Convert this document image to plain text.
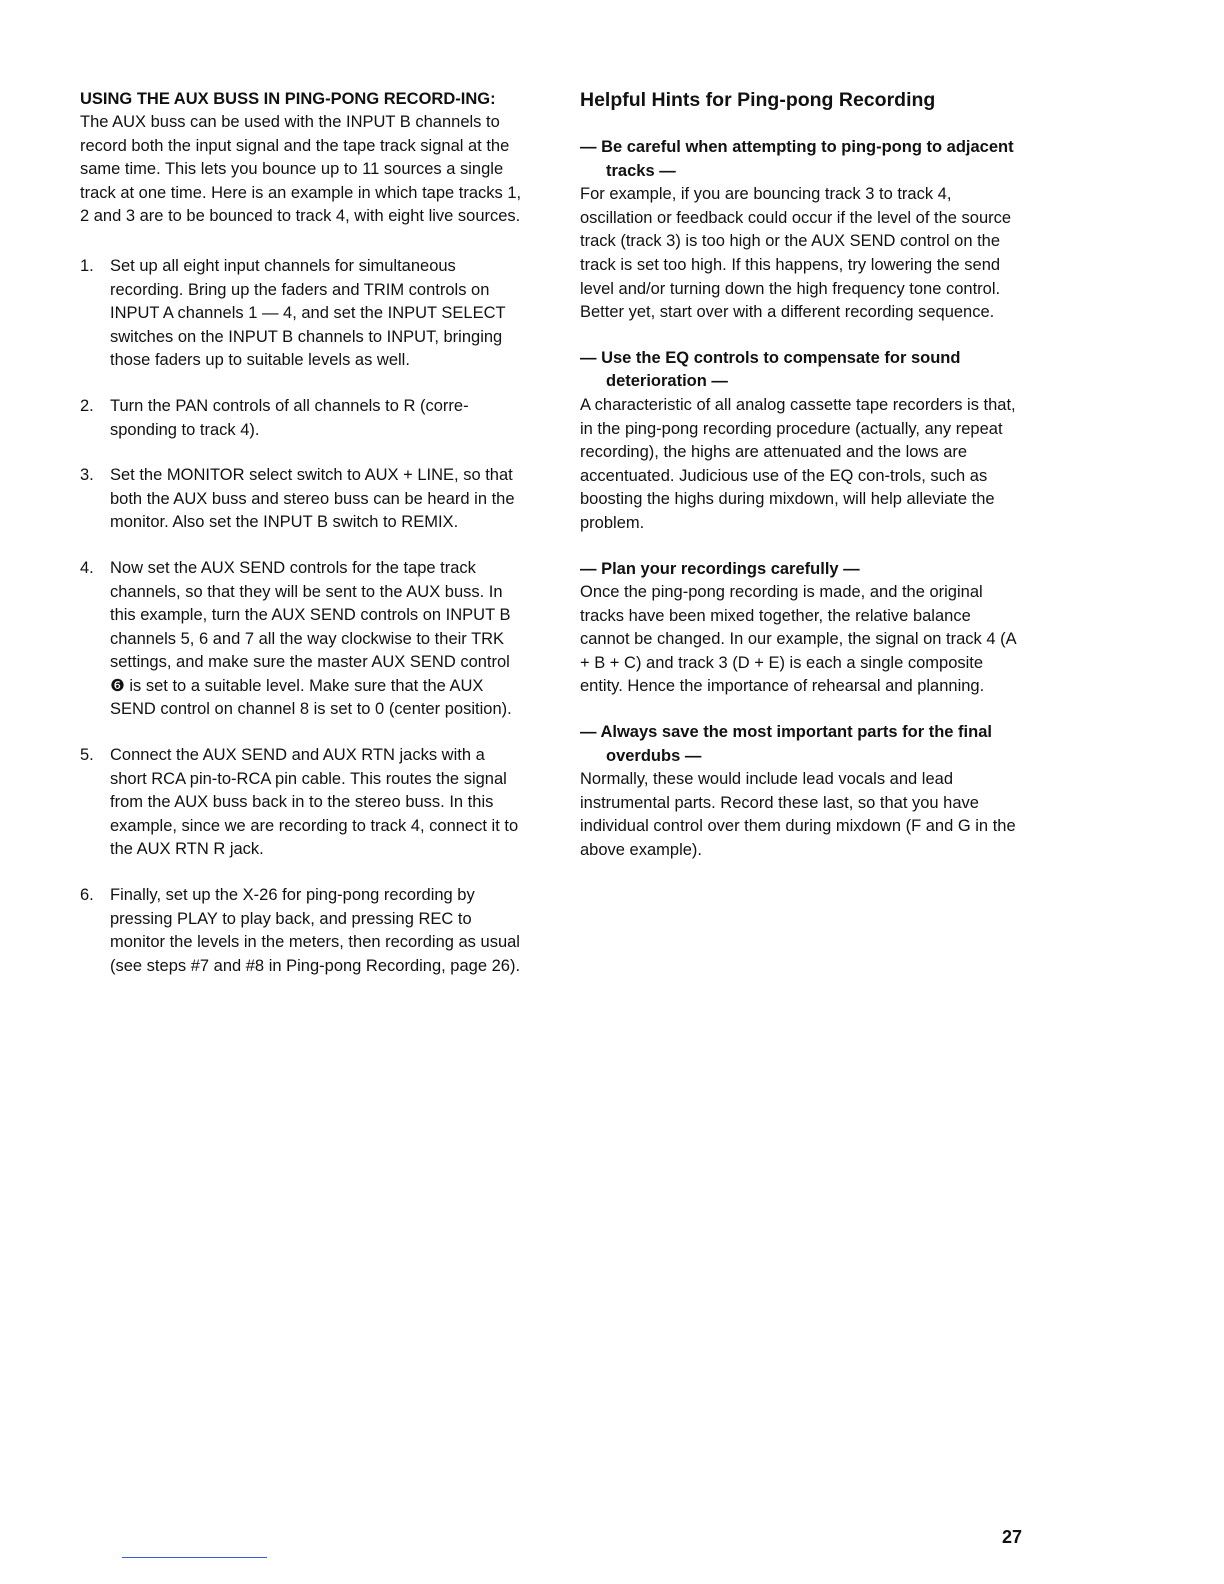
USING THE AUX BUSS IN PING-PONG RECORD-ING:

The AUX buss can be used with the INPUT B channels to record both the input signal and the tape track signal at the same time. This lets you bounce up to 11 sources a single track at one time. Here is an example in which tape tracks 1, 2 and 3 are to be bounced to track 4, with eight live sources.

1. Set up all eight input channels for simultaneous recording. Bring up the faders and TRIM controls on INPUT A channels 1 — 4, and set the INPUT SELECT switches on the INPUT B channels to INPUT, bringing those faders up to suitable levels as well.
2. Turn the PAN controls of all channels to R (corre-sponding to track 4).
3. Set the MONITOR select switch to AUX + LINE, so that both the AUX buss and stereo buss can be heard in the monitor. Also set the INPUT B switch to REMIX.
4. Now set the AUX SEND controls for the tape track channels, so that they will be sent to the AUX buss. In this example, turn the AUX SEND controls on INPUT B channels 5, 6 and 7 all the way clockwise to their TRK settings, and make sure the master AUX SEND control ❻ is set to a suitable level. Make sure that the AUX SEND control on channel 8 is set to 0 (center position).
5. Connect the AUX SEND and AUX RTN jacks with a short RCA pin-to-RCA pin cable. This routes the signal from the AUX buss back in to the stereo buss. In this example, since we are recording to track 4, connect it to the AUX RTN R jack.
6. Finally, set up the X-26 for ping-pong recording by pressing PLAY to play back, and pressing REC to monitor the levels in the meters, then recording as usual (see steps #7 and #8 in Ping-pong Recording, page 26).
Helpful Hints for Ping-pong Recording

— Be careful when attempting to ping-pong to adjacent tracks —

For example, if you are bouncing track 3 to track 4, oscillation or feedback could occur if the level of the source track (track 3) is too high or the AUX SEND control on the track is set too high. If this happens, try lowering the send level and/or turning down the high frequency tone control. Better yet, start over with a different recording sequence.

— Use the EQ controls to compensate for sound deterioration —

A characteristic of all analog cassette tape recorders is that, in the ping-pong recording procedure (actually, any repeat recording), the highs are attenuated and the lows are accentuated. Judicious use of the EQ con-trols, such as boosting the highs during mixdown, will help alleviate the problem.

— Plan your recordings carefully —

Once the ping-pong recording is made, and the original tracks have been mixed together, the relative balance cannot be changed. In our example, the signal on track 4 (A + B + C) and track 3 (D + E) is each a single composite entity. Hence the importance of rehearsal and planning.

— Always save the most important parts for the final overdubs —

Normally, these would include lead vocals and lead instrumental parts. Record these last, so that you have individual control over them during mixdown (F and G in the above example).

27
